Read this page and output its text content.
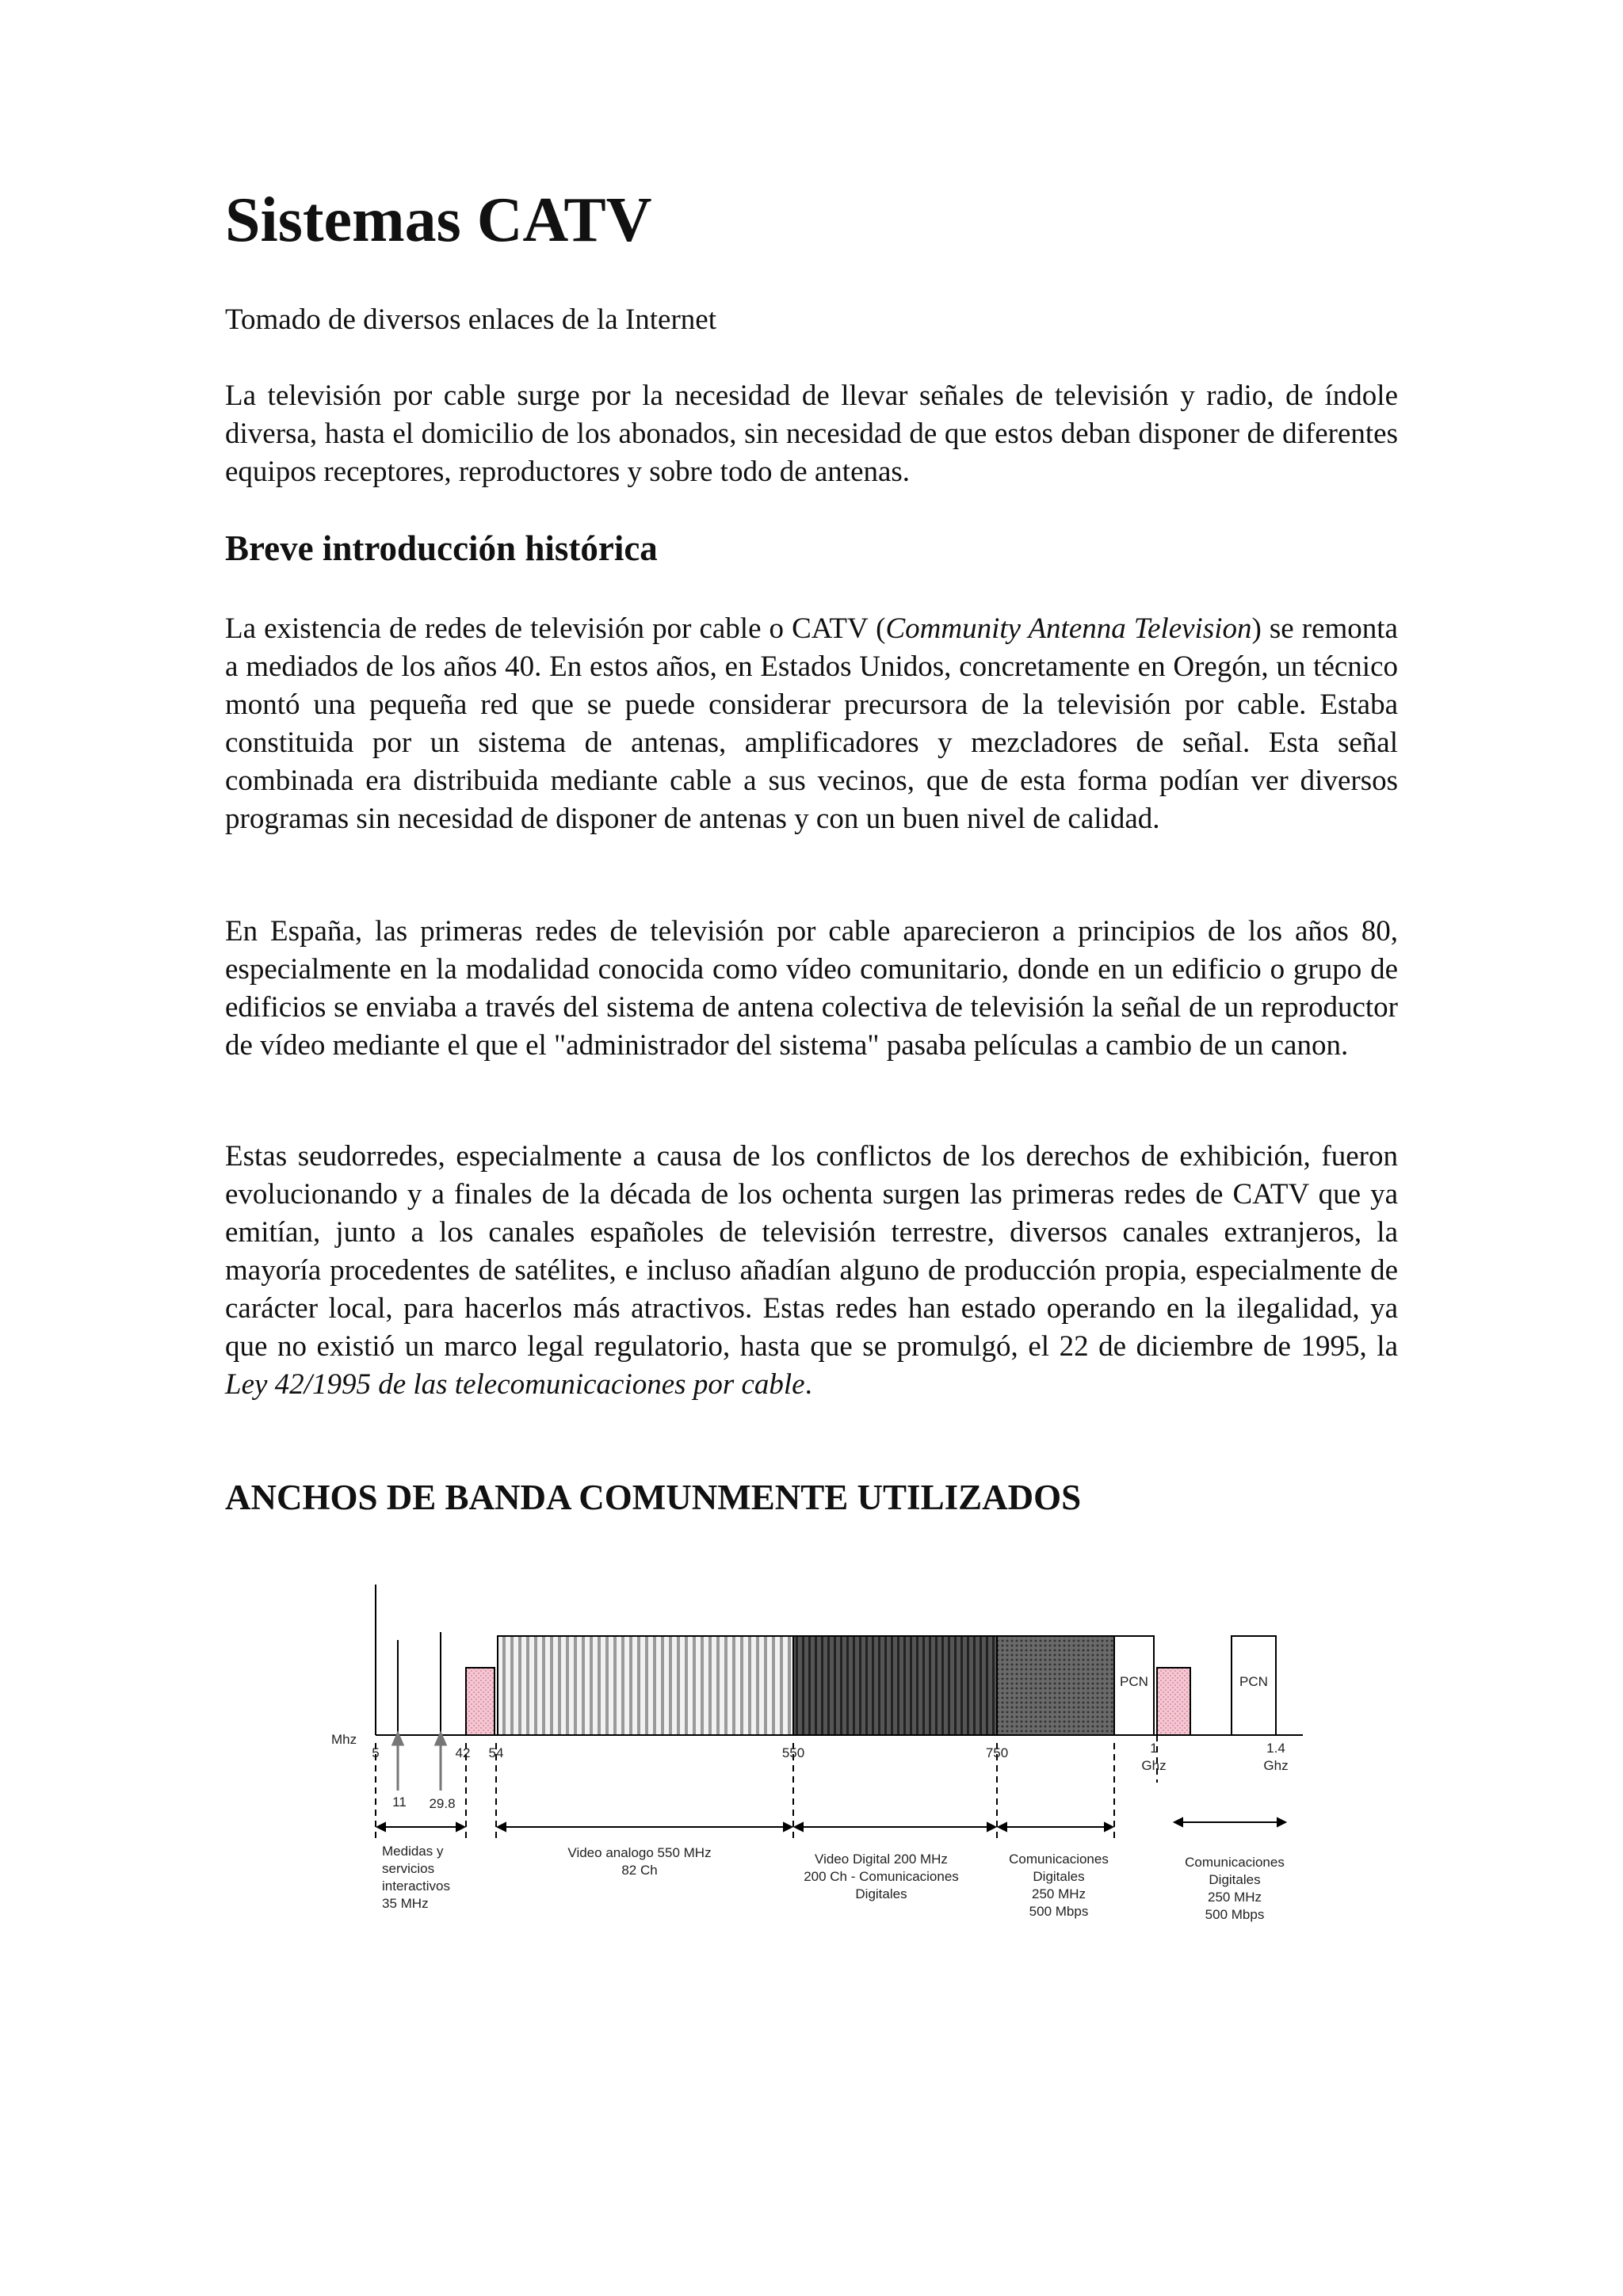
Sistemas CATV
Tomado de diversos enlaces de la Internet

La televisión por cable surge por la necesidad de llevar señales de televisión y radio, de índole diversa, hasta el domicilio de los abonados, sin necesidad de que estos deban disponer de diferentes equipos receptores, reproductores y sobre todo de antenas.

Breve introducción histórica

La existencia de redes de televisión por cable o CATV (Community Antenna Television) se remonta a mediados de los años 40. En estos años, en Estados Unidos, concretamente en Oregón, un técnico montó una pequeña red que se puede considerar precursora de la televisión por cable. Estaba constituida por un sistema de antenas, amplificadores y mezcladores de señal. Esta señal combinada era distribuida mediante cable a sus vecinos, que de esta forma podían ver diversos programas sin necesidad de disponer de antenas y con un buen nivel de calidad.

En España, las primeras redes de televisión por cable aparecieron a principios de los años 80, especialmente en la modalidad conocida como vídeo comunitario, donde en un edificio o grupo de edificios se enviaba a través del sistema de antena colectiva de televisión la señal de un reproductor de vídeo mediante el que el "administrador del sistema" pasaba películas a cambio de un canon.

Estas seudorredes, especialmente a causa de los conflictos de los derechos de exhibición, fueron evolucionando y a finales de la década de los ochenta surgen las primeras redes de CATV que ya emitían, junto a los canales españoles de televisión terrestre, diversos canales extranjeros, la mayoría procedentes de satélites, e incluso añadían alguno de producción propia, especialmente de carácter local, para hacerlos más atractivos. Estas redes han estado operando en la ilegalidad, ya que no existió un marco legal regulatorio, hasta que se promulgó, el 22 de diciembre de 1995, la Ley 42/1995 de las telecomunicaciones por cable.

ANCHOS DE BANDA COMUNMENTE UTILIZADOS
PCN	PCN
Mhz
5	42 54	550	750	1
Ghz
1.4
Ghz
11 29.8
Medidas y
servicios
interactivos
35 MHz
Video analogo 550 MHz
82 Ch
Video Digital 200 MHz
200 Ch - Comunicaciones
Digitales
Comunicaciones
Digitales
250 MHz
500 Mbps
Comunicaciones
Digitales
250 MHz
500 Mbps
